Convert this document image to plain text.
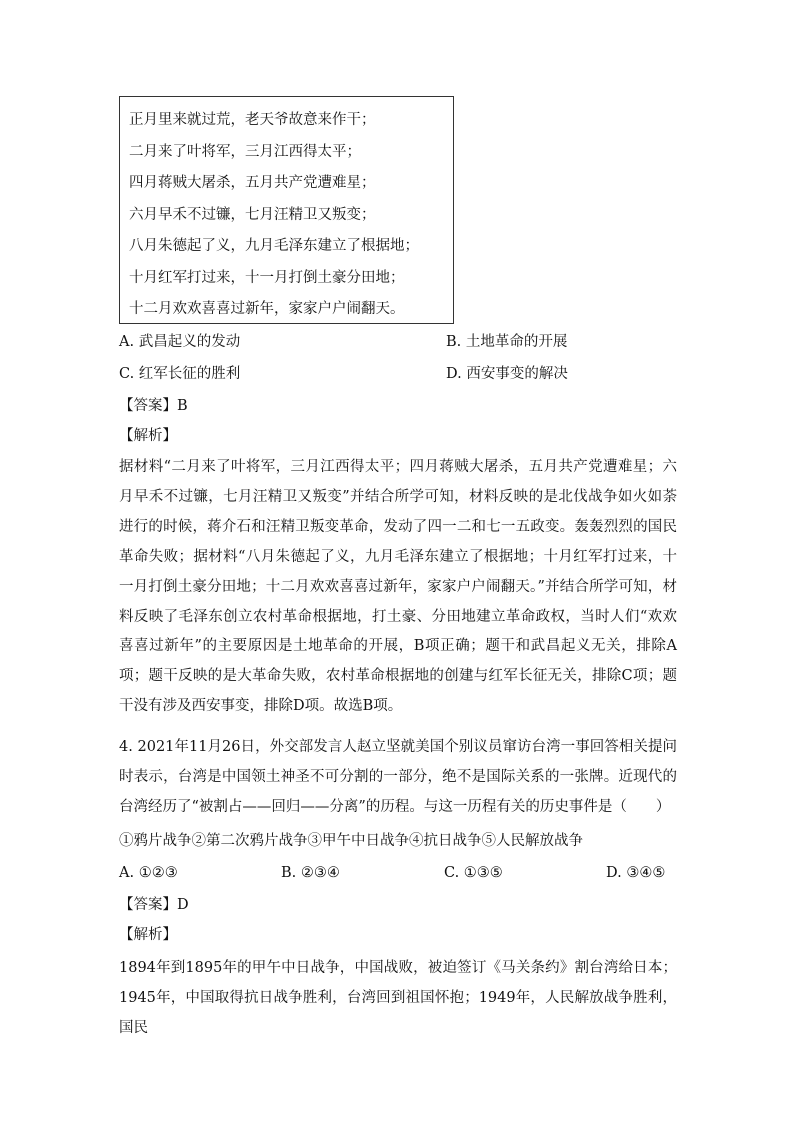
正月里来就过荒，老天爷故意来作干；
二月来了叶将军，三月江西得太平；
四月蒋贼大屠杀，五月共产党遭难星；
六月早禾不过镰，七月汪精卫又叛变；
八月朱德起了义，九月毛泽东建立了根据地；
十月红军打过来，十一月打倒土豪分田地；
十二月欢欢喜喜过新年，家家户户闹翻天。
A. 武昌起义的发动	B. 土地革命的开展
C. 红军长征的胜利	D. 西安事变的解决
【答案】B
【解析】

据材料“二月来了叶将军，三月江西得太平；四月蒋贼大屠杀，五月共产党遭难星；六月早禾不过镰，七月汪精卫又叛变”并结合所学可知，材料反映的是北伐战争如火如荼进行的时候，蒋介石和汪精卫叛变革命，发动了四一二和七一五政变。轰轰烈烈的国民革命失败；据材料“八月朱德起了义，九月毛泽东建立了根据地；十月红军打过来，十一月打倒土豪分田地；十二月欢欢喜喜过新年，家家户户闹翻天。”并结合所学可知，材料反映了毛泽东创立农村革命根据地，打土豪、分田地建立革命政权，当时人们“欢欢喜喜过新年”的主要原因是土地革命的开展，B项正确；题干和武昌起义无关，排除A项；题干反映的是大革命失败，农村革命根据地的创建与红军长征无关，排除C项；题干没有涉及西安事变，排除D项。故选B项。

4. 2021年11月26日，外交部发言人赵立坚就美国个别议员窜访台湾一事回答相关提问时表示，台湾是中国领土神圣不可分割的一部分，绝不是国际关系的一张牌。近现代的台湾经历了“被割占——回归——分离”的历程。与这一历程有关的历史事件是（　　）

①鸦片战争②第二次鸦片战争③甲午中日战争④抗日战争⑤人民解放战争
A. ①②③	B. ②③④	C. ①③⑤	D. ③④⑤
【答案】D
【解析】

1894年到1895年的甲午中日战争，中国战败，被迫签订《马关条约》割台湾给日本；1945年，中国取得抗日战争胜利，台湾回到祖国怀抱；1949年，人民解放战争胜利，国民
